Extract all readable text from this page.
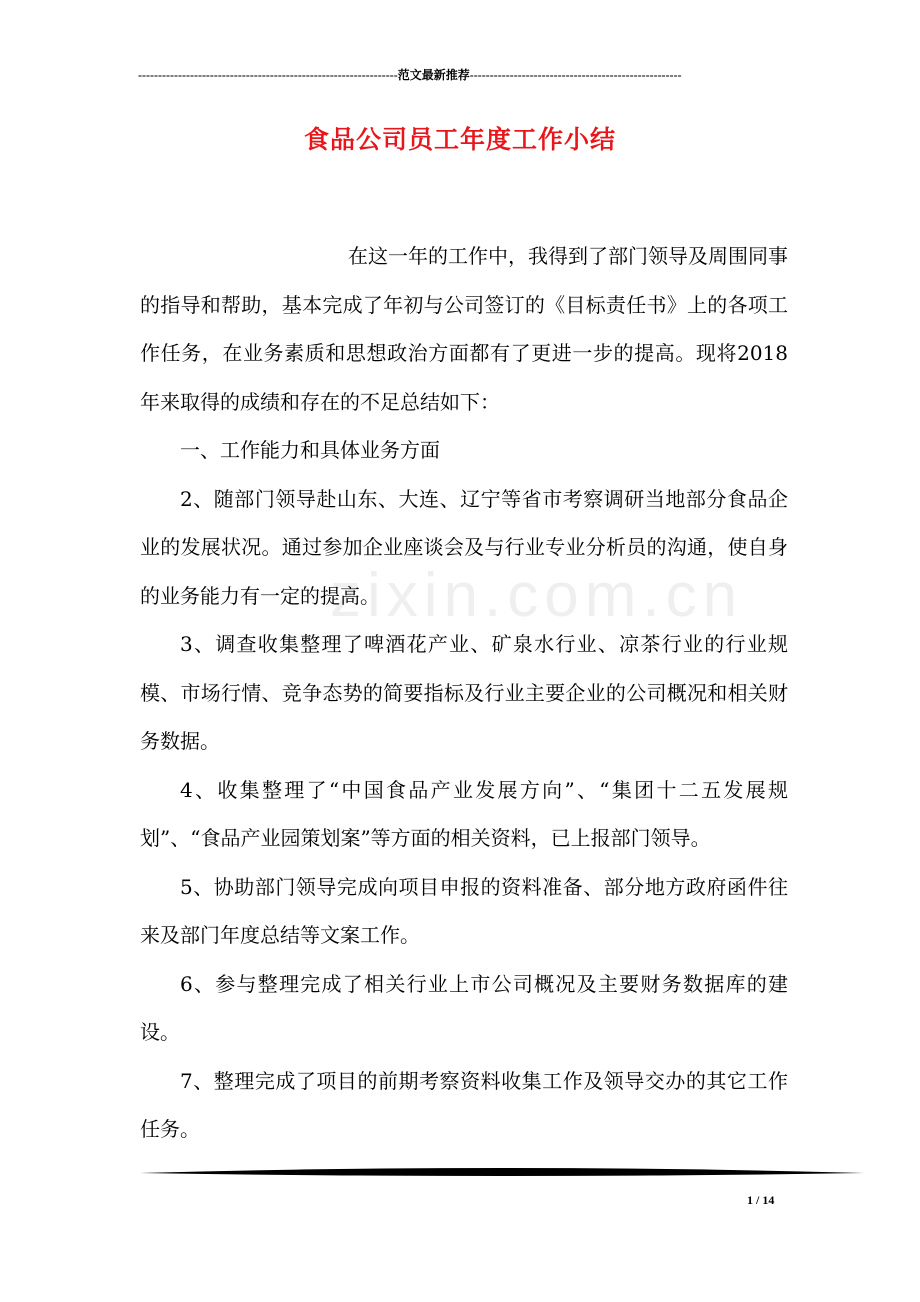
-----------------------------------------------------------------范文最新推荐-----------------------------------------------------
食品公司员工年度工作小结
zixin.com.cn

在这一年的工作中，我得到了部门领导及周围同事的指导和帮助，基本完成了年初与公司签订的《目标责任书》上的各项工作任务，在业务素质和思想政治方面都有了更进一步的提高。现将2018年来取得的成绩和存在的不足总结如下：

一、工作能力和具体业务方面

2、随部门领导赴山东、大连、辽宁等省市考察调研当地部分食品企业的发展状况。通过参加企业座谈会及与行业专业分析员的沟通，使自身的业务能力有一定的提高。

3、调查收集整理了啤酒花产业、矿泉水行业、凉茶行业的行业规模、市场行情、竞争态势的简要指标及行业主要企业的公司概况和相关财务数据。

4、收集整理了“中国食品产业发展方向”、“集团十二五发展规划”、“食品产业园策划案”等方面的相关资料，已上报部门领导。

5、协助部门领导完成向项目申报的资料准备、部分地方政府函件往来及部门年度总结等文案工作。

6、参与整理完成了相关行业上市公司概况及主要财务数据库的建设。

7、整理完成了项目的前期考察资料收集工作及领导交办的其它工作任务。

1 / 14
